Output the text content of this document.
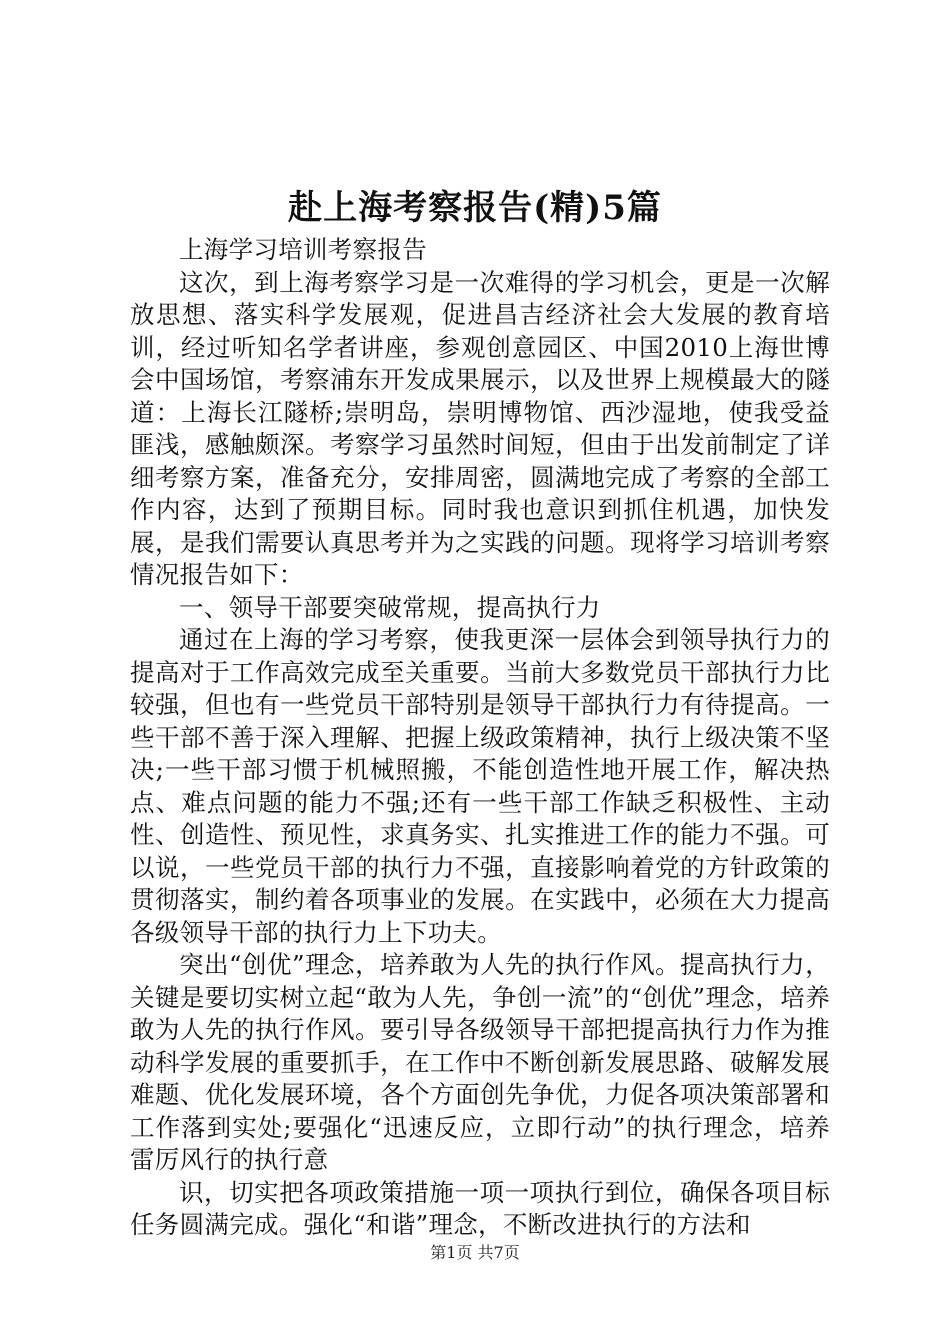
赴上海考察报告(精)5篇

上海学习培训考察报告

这次，到上海考察学习是一次难得的学习机会，更是一次解放思想、落实科学发展观，促进昌吉经济社会大发展的教育培训，经过听知名学者讲座，参观创意园区、中国2010上海世博会中国场馆，考察浦东开发成果展示，以及世界上规模最大的隧道：上海长江隧桥;崇明岛，崇明博物馆、西沙湿地，使我受益匪浅，感触颇深。考察学习虽然时间短，但由于出发前制定了详细考察方案，准备充分，安排周密，圆满地完成了考察的全部工作内容，达到了预期目标。同时我也意识到抓住机遇，加快发展，是我们需要认真思考并为之实践的问题。现将学习培训考察情况报告如下：

一、领导干部要突破常规，提高执行力

通过在上海的学习考察，使我更深一层体会到领导执行力的提高对于工作高效完成至关重要。当前大多数党员干部执行力比较强，但也有一些党员干部特别是领导干部执行力有待提高。一些干部不善于深入理解、把握上级政策精神，执行上级决策不坚决;一些干部习惯于机械照搬，不能创造性地开展工作，解决热点、难点问题的能力不强;还有一些干部工作缺乏积极性、主动性、创造性、预见性，求真务实、扎实推进工作的能力不强。可以说，一些党员干部的执行力不强，直接影响着党的方针政策的贯彻落实，制约着各项事业的发展。在实践中，必须在大力提高各级领导干部的执行力上下功夫。

突出“创优”理念，培养敢为人先的执行作风。提高执行力，关键是要切实树立起“敢为人先，争创一流”的“创优”理念，培养敢为人先的执行作风。要引导各级领导干部把提高执行力作为推动科学发展的重要抓手，在工作中不断创新发展思路、破解发展难题、优化发展环境，各个方面创先争优，力促各项决策部署和工作落到实处;要强化“迅速反应，立即行动”的执行理念，培养雷厉风行的执行意

识，切实把各项政策措施一项一项执行到位，确保各项目标任务圆满完成。强化“和谐”理念，不断改进执行的方法和

第1页 共7页
